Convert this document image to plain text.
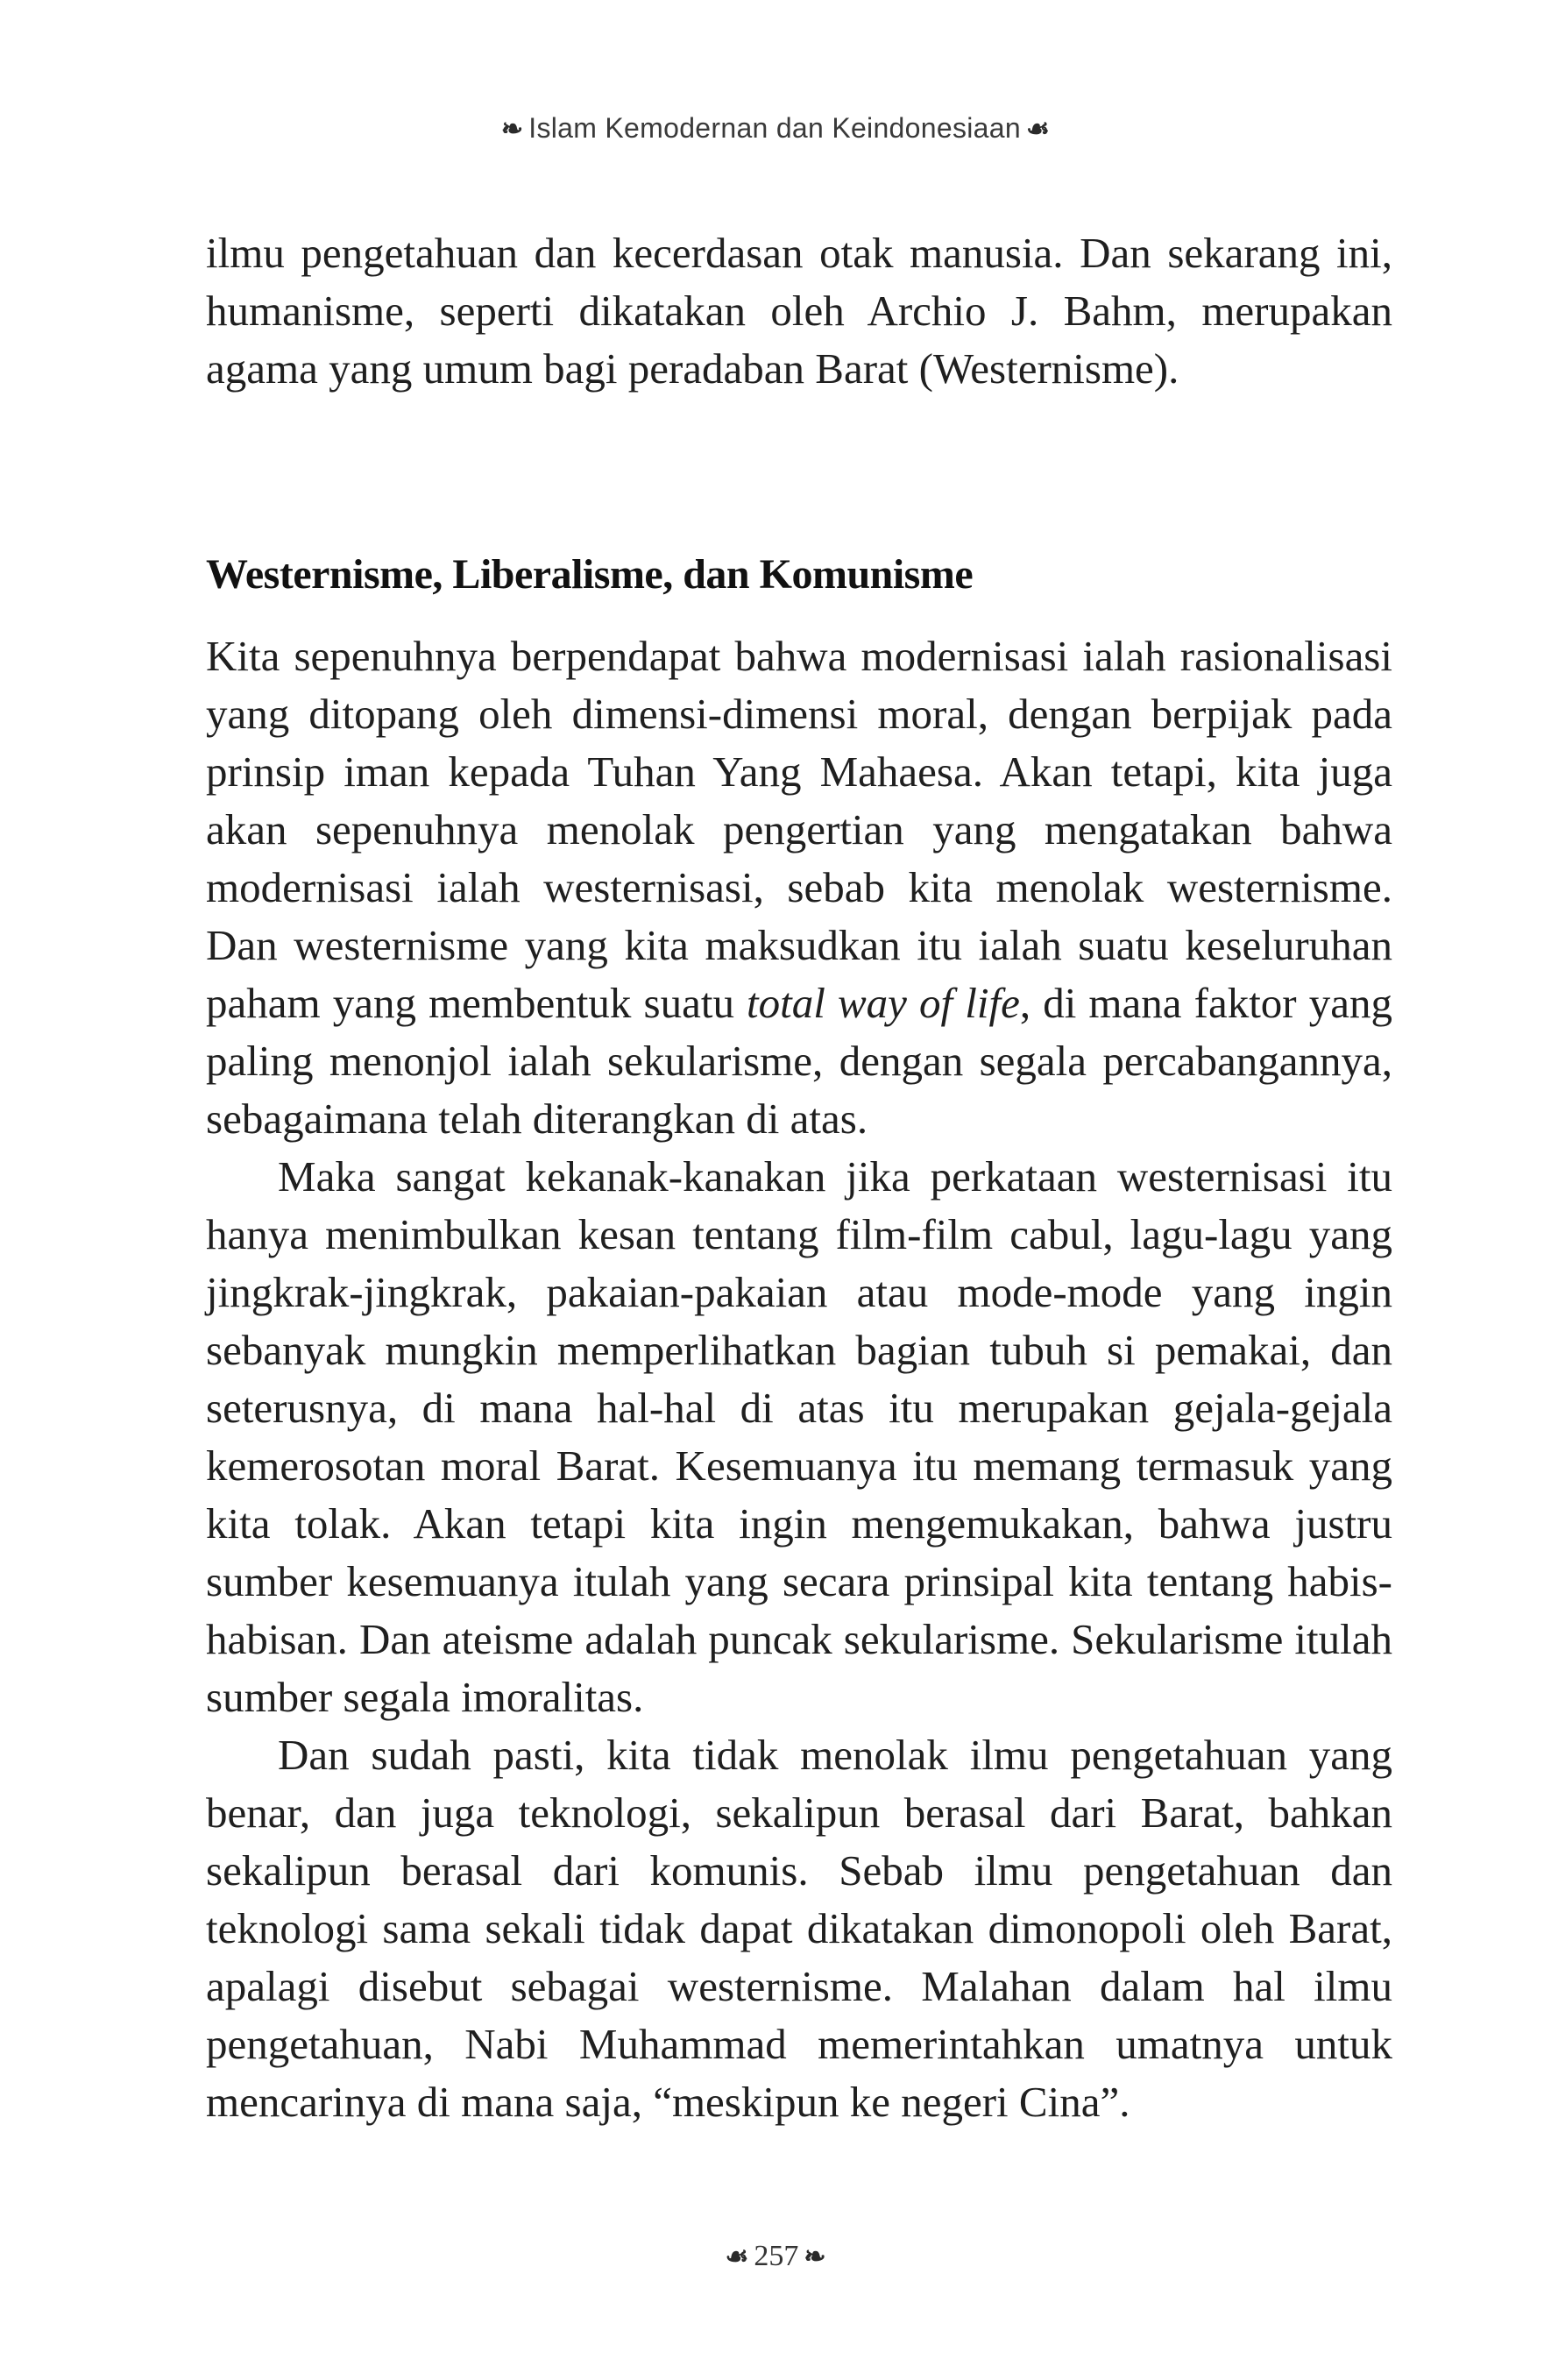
❧ Islam Kemodernan dan Keindonesiaan ☙

ilmu pengetahuan dan kecerdasan otak manusia. Dan sekarang ini, humanisme, seperti dikatakan oleh Archio J. Bahm, merupakan agama yang umum bagi peradaban Barat (Westernisme).

Westernisme, Liberalisme, dan Komunisme

Kita sepenuhnya berpendapat bahwa modernisasi ialah rasionalisasi yang ditopang oleh dimensi-dimensi moral, dengan berpijak pada prinsip iman kepada Tuhan Yang Mahaesa. Akan tetapi, kita juga akan sepenuhnya menolak pengertian yang mengatakan bahwa modernisasi ialah westernisasi, sebab kita menolak westernisme. Dan westernisme yang kita maksudkan itu ialah suatu keseluruhan paham yang membentuk suatu total way of life, di mana faktor yang paling menonjol ialah sekularisme, dengan segala percabangannya, sebagaimana telah diterangkan di atas.

Maka sangat kekanak-kanakan jika perkataan westernisasi itu hanya menimbulkan kesan tentang film-film cabul, lagu-lagu yang jingkrak-jingkrak, pakaian-pakaian atau mode-mode yang ingin sebanyak mungkin memperlihatkan bagian tubuh si pemakai, dan seterusnya, di mana hal-hal di atas itu merupakan gejala-gejala kemerosotan moral Barat. Kesemuanya itu memang termasuk yang kita tolak. Akan tetapi kita ingin mengemukakan, bahwa justru sumber kesemuanya itulah yang secara prinsipal kita tentang habis-habisan. Dan ateisme adalah puncak sekularisme. Sekularisme itulah sumber segala imoralitas.

Dan sudah pasti, kita tidak menolak ilmu pengetahuan yang benar, dan juga teknologi, sekalipun berasal dari Barat, bahkan sekalipun berasal dari komunis. Sebab ilmu pengetahuan dan teknologi sama sekali tidak dapat dikatakan dimonopoli oleh Barat, apalagi disebut sebagai westernisme. Malahan dalam hal ilmu pengetahuan, Nabi Muhammad memerintahkan umatnya untuk mencarinya di mana saja, “meskipun ke negeri Cina”.

☙ 257 ❧
